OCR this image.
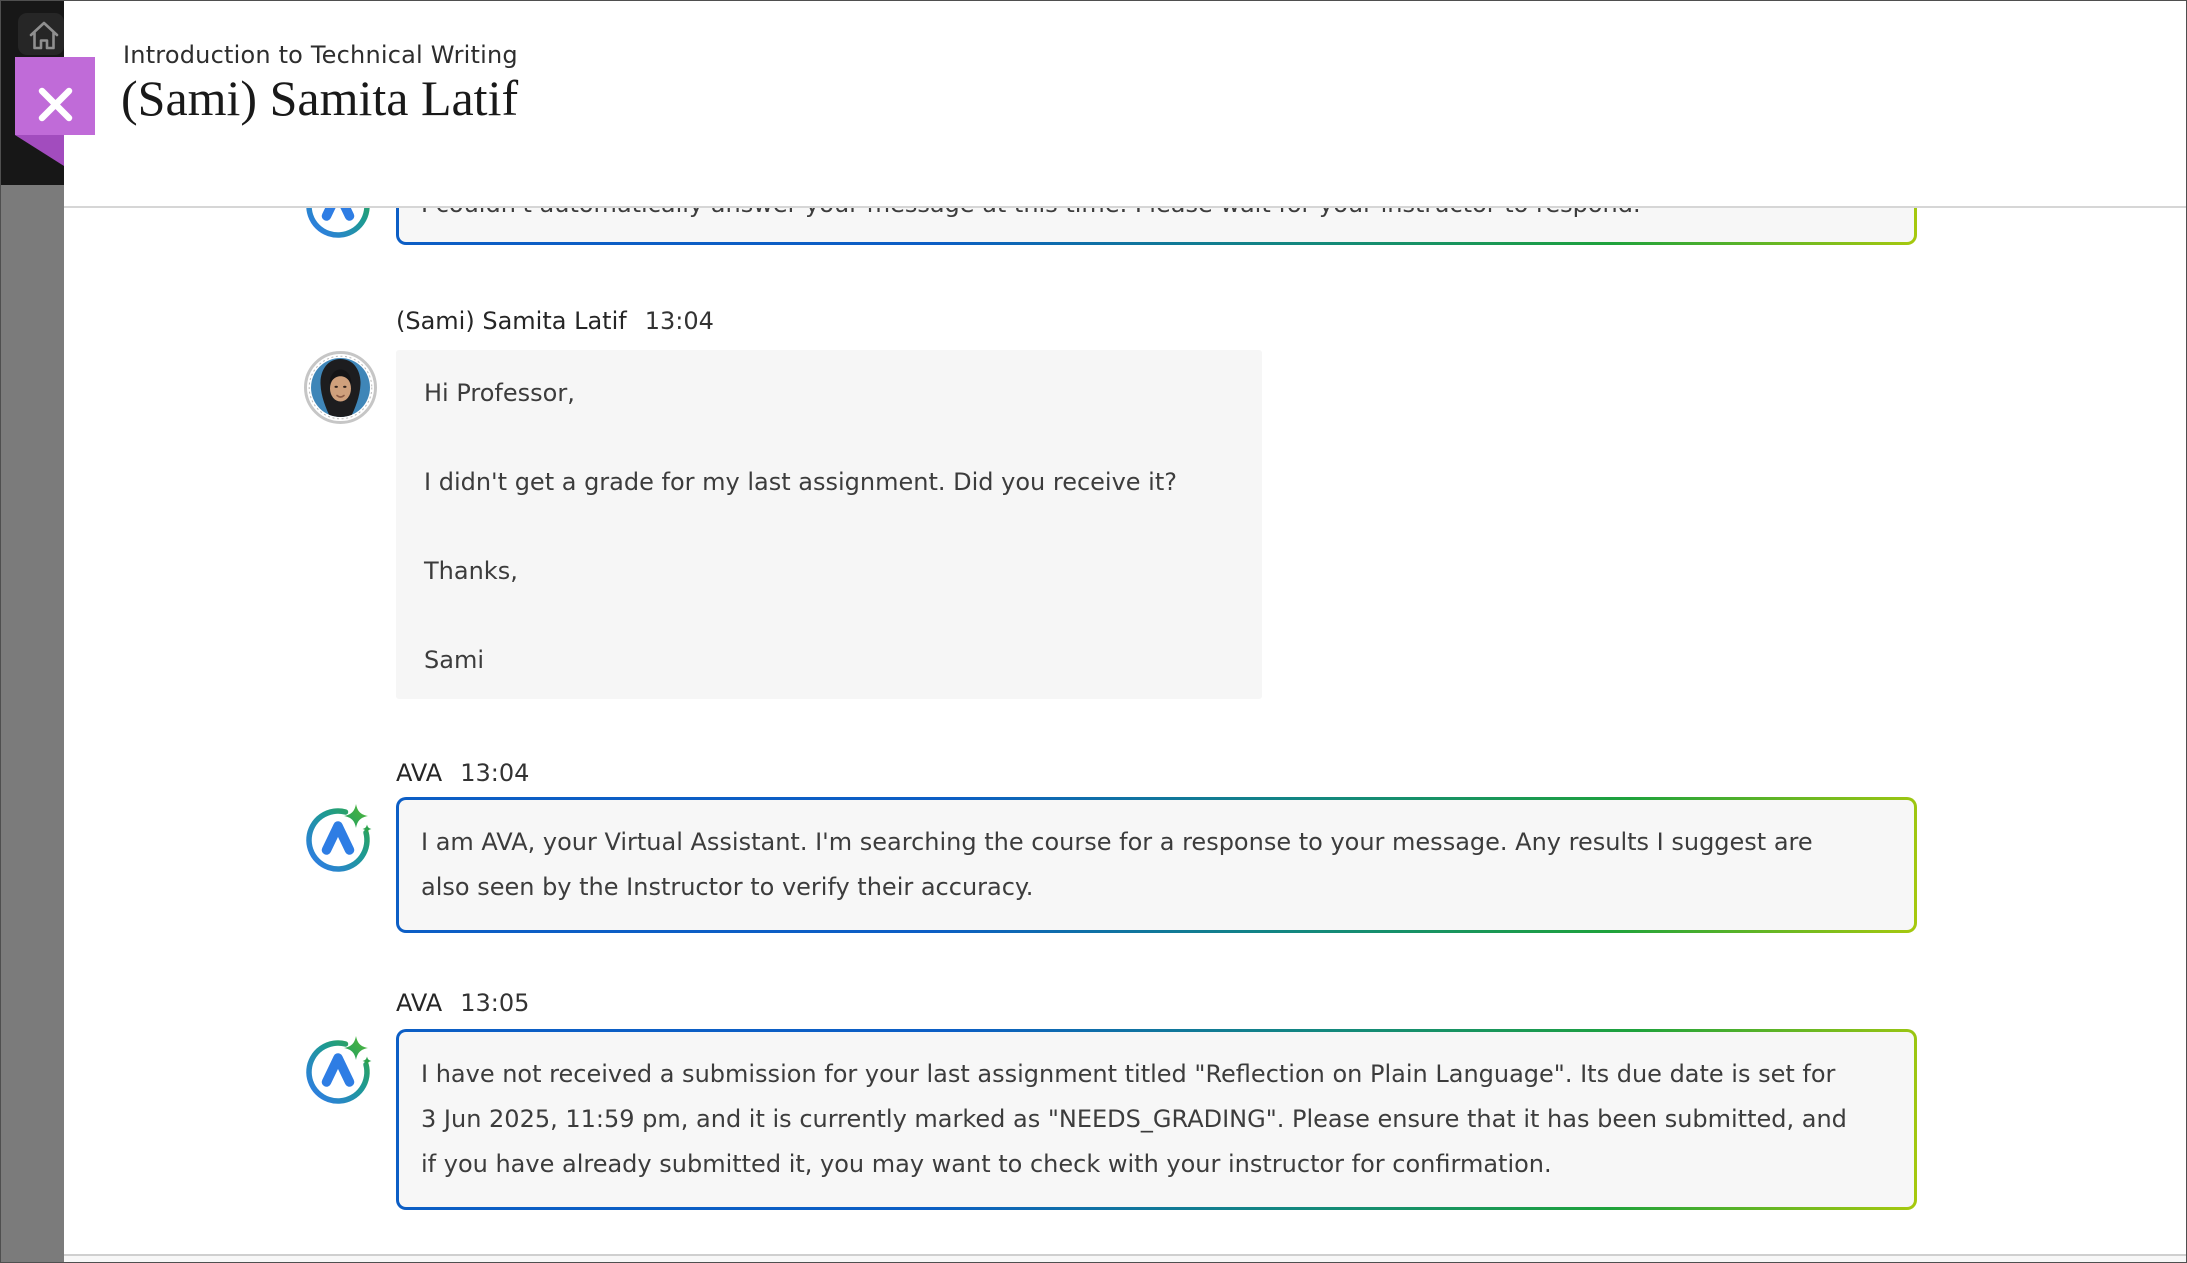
(Sami) Samita Latif 13:04

Hi Professor,

I didn't get a grade for my last assignment. Did you receive it?

Thanks,

Sami

AVA 13:04

I am AVA, your Virtual Assistant. I'm searching the course for a response to your message. Any results I suggest are also seen by the Instructor to verify their accuracy.

AVA 13:05

I have not received a submission for your last assignment titled "Reflection on Plain Language". Its due date is set for 3 Jun 2025, 11:59 pm, and it is currently marked as "NEEDS_GRADING". Please ensure that it has been submitted, and if you have already submitted it, you may want to check with your instructor for confirmation.

Introduction to Technical Writing
(Sami) Samita Latif
